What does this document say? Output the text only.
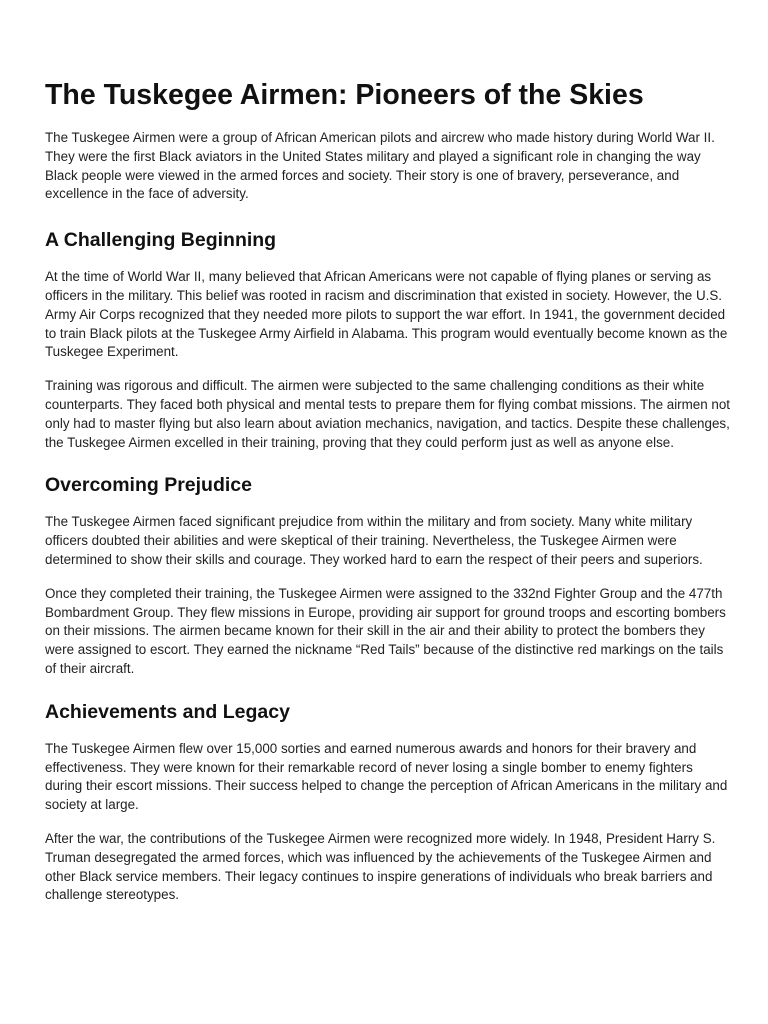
The Tuskegee Airmen: Pioneers of the Skies

The Tuskegee Airmen were a group of African American pilots and aircrew who made history during World War II. They were the first Black aviators in the United States military and played a significant role in changing the way Black people were viewed in the armed forces and society. Their story is one of bravery, perseverance, and excellence in the face of adversity.

A Challenging Beginning

At the time of World War II, many believed that African Americans were not capable of flying planes or serving as officers in the military. This belief was rooted in racism and discrimination that existed in society. However, the U.S. Army Air Corps recognized that they needed more pilots to support the war effort. In 1941, the government decided to train Black pilots at the Tuskegee Army Airfield in Alabama. This program would eventually become known as the Tuskegee Experiment.

Training was rigorous and difficult. The airmen were subjected to the same challenging conditions as their white counterparts. They faced both physical and mental tests to prepare them for flying combat missions. The airmen not only had to master flying but also learn about aviation mechanics, navigation, and tactics. Despite these challenges, the Tuskegee Airmen excelled in their training, proving that they could perform just as well as anyone else.

Overcoming Prejudice

The Tuskegee Airmen faced significant prejudice from within the military and from society. Many white military officers doubted their abilities and were skeptical of their training. Nevertheless, the Tuskegee Airmen were determined to show their skills and courage. They worked hard to earn the respect of their peers and superiors.

Once they completed their training, the Tuskegee Airmen were assigned to the 332nd Fighter Group and the 477th Bombardment Group. They flew missions in Europe, providing air support for ground troops and escorting bombers on their missions. The airmen became known for their skill in the air and their ability to protect the bombers they were assigned to escort. They earned the nickname “Red Tails” because of the distinctive red markings on the tails of their aircraft.

Achievements and Legacy

The Tuskegee Airmen flew over 15,000 sorties and earned numerous awards and honors for their bravery and effectiveness. They were known for their remarkable record of never losing a single bomber to enemy fighters during their escort missions. Their success helped to change the perception of African Americans in the military and society at large.

After the war, the contributions of the Tuskegee Airmen were recognized more widely. In 1948, President Harry S. Truman desegregated the armed forces, which was influenced by the achievements of the Tuskegee Airmen and other Black service members. Their legacy continues to inspire generations of individuals who break barriers and challenge stereotypes.
